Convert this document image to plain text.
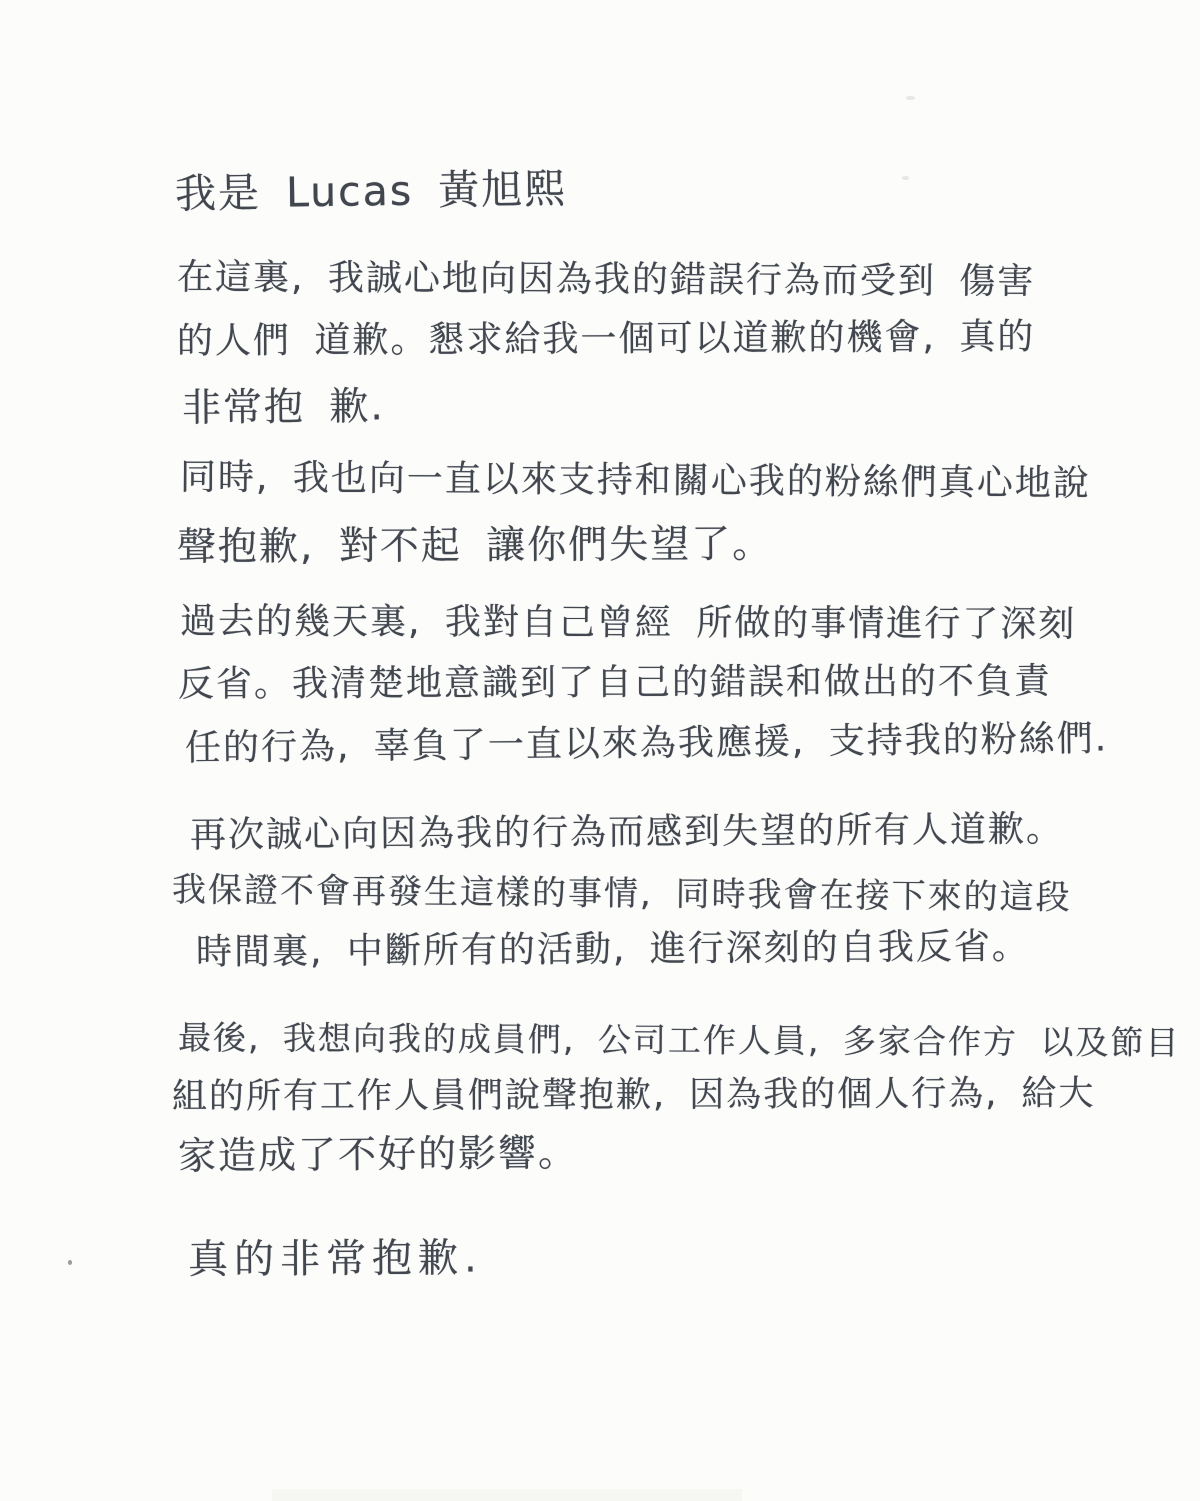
我是 Lucas 黃旭熙
在這裏, 我誠心地向因為我的錯誤行為而受到 傷害
的人們 道歉。懇求給我一個可以道歉的機會, 真的
非常抱 歉.
同時, 我也向一直以來支持和關心我的粉絲們真心地說
聲抱歉, 對不起 讓你們失望了。
過去的幾天裏, 我對自己曾經 所做的事情進行了深刻
反省。我清楚地意識到了自己的錯誤和做出的不負責
任的行為, 辜負了一直以來為我應援, 支持我的粉絲們.
再次誠心向因為我的行為而感到失望的所有人道歉。
我保證不會再發生這樣的事情, 同時我會在接下來的這段
時間裏, 中斷所有的活動, 進行深刻的自我反省。
最後, 我想向我的成員們, 公司工作人員, 多家合作方 以及節目
組的所有工作人員們說聲抱歉, 因為我的個人行為, 給大
家造成了不好的影響。
真的非常抱歉.
